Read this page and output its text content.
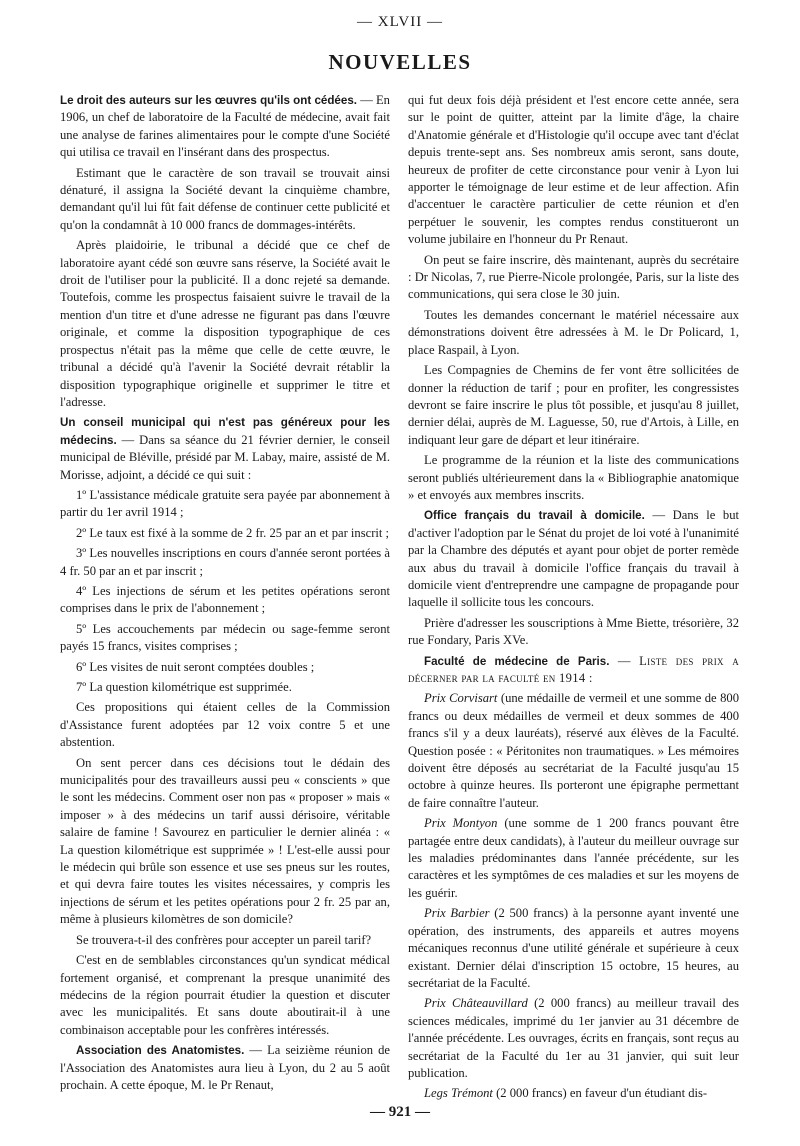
— XLVII —
NOUVELLES

Le droit des auteurs sur les œuvres qu'ils ont cédées. — En 1906, un chef de laboratoire de la Faculté de médecine, avait fait une analyse de farines alimentaires pour le compte d'une Société qui utilisa ce travail en l'insérant dans des prospectus.

Estimant que le caractère de son travail se trouvait ainsi dénaturé, il assigna la Société devant la cinquième chambre, demandant qu'il lui fût fait défense de continuer cette publicité et qu'on la condamnât à 10 000 francs de dommages-intérêts.

Après plaidoirie, le tribunal a décidé que ce chef de laboratoire ayant cédé son œuvre sans réserve, la Société avait le droit de l'utiliser pour la publicité. Il a donc rejeté sa demande. Toutefois, comme les prospectus faisaient suivre le travail de la mention d'un titre et d'une adresse ne figurant pas dans l'œuvre originale, et comme la disposition typographique de ces prospectus n'était pas la même que celle de cette œuvre, le tribunal a décidé qu'à l'avenir la Société devrait rétablir la disposition typographique originelle et supprimer le titre et l'adresse.

Un conseil municipal qui n'est pas généreux pour les médecins. — Dans sa séance du 21 février dernier, le conseil municipal de Bléville, présidé par M. Labay, maire, assisté de M. Morisse, adjoint, a décidé ce qui suit :

1º L'assistance médicale gratuite sera payée par abonnement à partir du 1er avril 1914 ;

2º Le taux est fixé à la somme de 2 fr. 25 par an et par inscrit ;

3º Les nouvelles inscriptions en cours d'année seront portées à 4 fr. 50 par an et par inscrit ;

4º Les injections de sérum et les petites opérations seront comprises dans le prix de l'abonnement ;

5º Les accouchements par médecin ou sage-femme seront payés 15 francs, visites comprises ;

6º Les visites de nuit seront comptées doubles ;

7º La question kilométrique est supprimée.

Ces propositions qui étaient celles de la Commission d'Assistance furent adoptées par 12 voix contre 5 et une abstention.

On sent percer dans ces décisions tout le dédain des municipalités pour des travailleurs aussi peu « conscients » que le sont les médecins. Comment oser non pas « proposer » mais « imposer » à des médecins un tarif aussi dérisoire, véritable salaire de famine ! Savourez en particulier le dernier alinéa : « La question kilométrique est supprimée » ! L'est-elle aussi pour le médecin qui brûle son essence et use ses pneus sur les routes, et qui devra faire toutes les visites nécessaires, y compris les injections de sérum et les petites opérations pour 2 fr. 25 par an, même à plusieurs kilomètres de son domicile?

Se trouvera-t-il des confrères pour accepter un pareil tarif?

C'est en de semblables circonstances qu'un syndicat médical fortement organisé, et comprenant la presque unanimité des médecins de la région pourrait étudier la question et discuter avec les municipalités. Et sans doute aboutirait-il à une combinaison acceptable pour les confrères intéressés.

Association des Anatomistes. — La seizième réunion de l'Association des Anatomistes aura lieu à Lyon, du 2 au 5 août prochain. A cette époque, M. le Pr Renaut,

qui fut deux fois déjà président et l'est encore cette année, sera sur le point de quitter, atteint par la limite d'âge, la chaire d'Anatomie générale et d'Histologie qu'il occupe avec tant d'éclat depuis trente-sept ans. Ses nombreux amis seront, sans doute, heureux de profiter de cette circonstance pour venir à Lyon lui apporter le témoignage de leur estime et de leur affection. Afin d'accentuer le caractère particulier de cette réunion et d'en perpétuer le souvenir, les comptes rendus constitueront un volume jubilaire en l'honneur du Pr Renaut.

On peut se faire inscrire, dès maintenant, auprès du secrétaire : Dr Nicolas, 7, rue Pierre-Nicole prolongée, Paris, sur la liste des communications, qui sera close le 30 juin.

Toutes les demandes concernant le matériel nécessaire aux démonstrations doivent être adressées à M. le Dr Policard, 1, place Raspail, à Lyon.

Les Compagnies de Chemins de fer vont être sollicitées de donner la réduction de tarif ; pour en profiter, les congressistes devront se faire inscrire le plus tôt possible, et jusqu'au 8 juillet, dernier délai, auprès de M. Laguesse, 50, rue d'Artois, à Lille, en indiquant leur gare de départ et leur itinéraire.

Le programme de la réunion et la liste des communications seront publiés ultérieurement dans la « Bibliographie anatomique » et envoyés aux membres inscrits.

Office français du travail à domicile. — Dans le but d'activer l'adoption par le Sénat du projet de loi voté à l'unanimité par la Chambre des députés et ayant pour objet de porter remède aux abus du travail à domicile l'office français du travail à domicile vient d'entreprendre une campagne de propagande pour laquelle il sollicite tous les concours.

Prière d'adresser les souscriptions à Mme Biette, trésorière, 32 rue Fondary, Paris XVe.

Faculté de médecine de Paris. — Liste des prix a décerner par la faculté en 1914 :

Prix Corvisart (une médaille de vermeil et une somme de 800 francs ou deux médailles de vermeil et deux sommes de 400 francs s'il y a deux lauréats), réservé aux élèves de la Faculté. Question posée : « Péritonites non traumatiques. » Les mémoires doivent être déposés au secrétariat de la Faculté jusqu'au 15 octobre à quinze heures. Ils porteront une épigraphe permettant de faire connaître l'auteur.

Prix Montyon (une somme de 1 200 francs pouvant être partagée entre deux candidats), à l'auteur du meilleur ouvrage sur les maladies prédominantes dans l'année précédente, sur les caractères et les symptômes de ces maladies et sur les moyens de les guérir.

Prix Barbier (2 500 francs) à la personne ayant inventé une opération, des instruments, des appareils et autres moyens mécaniques reconnus d'une utilité générale et supérieure à ceux existant. Dernier délai d'inscription 15 octobre, 15 heures, au secrétariat de la Faculté.

Prix Châteauvillard (2 000 francs) au meilleur travail des sciences médicales, imprimé du 1er janvier au 31 décembre de l'année précédente. Les ouvrages, écrits en français, sont reçus au secrétariat de la Faculté du 1er au 31 janvier, qui suit leur publication.

Legs Trémont (2 000 francs) en faveur d'un étudiant dis-

— 921 —
